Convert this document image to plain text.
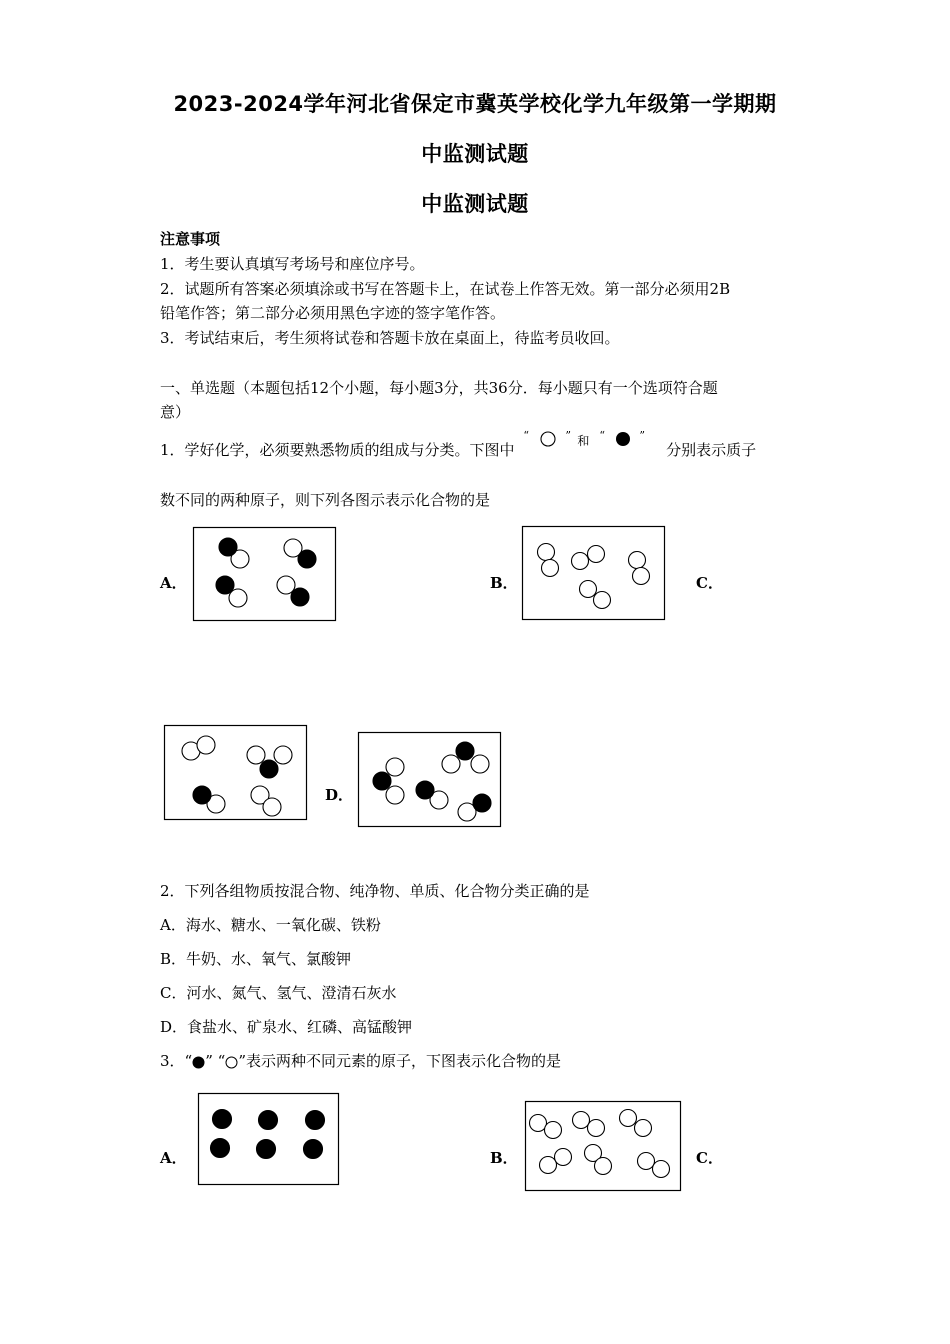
2023-2024学年河北省保定市冀英学校化学九年级第一学期期
中监测试题
中监测试题
注意事项
1．考生要认真填写考场号和座位序号。
2．试题所有答案必须填涂或书写在答题卡上，在试卷上作答无效。第一部分必须用2B
铅笔作答；第二部分必须用黑色字迹的签字笔作答。
3．考试结束后，考生须将试卷和答题卡放在桌面上，待监考员收回。
一、单选题（本题包括12个小题，每小题3分，共36分．每小题只有一个选项符合题
意）
1．学好化学，必须要熟悉物质的组成与分类。下图中
“	” 和 “	”
分别表示质子
数不同的两种原子，则下列各图示表示化合物的是
A．	B．	C．
D．
2．下列各组物质按混合物、纯净物、单质、化合物分类正确的是
A．海水、糖水、一氧化碳、铁粉
B．牛奶、水、氧气、氯酸钾
C．河水、氮气、氢气、澄清石灰水
D．食盐水、矿泉水、红磷、高锰酸钾
3．“ ” “ ”表示两种不同元素的原子，下图表示化合物的是
A．	B．	C．
